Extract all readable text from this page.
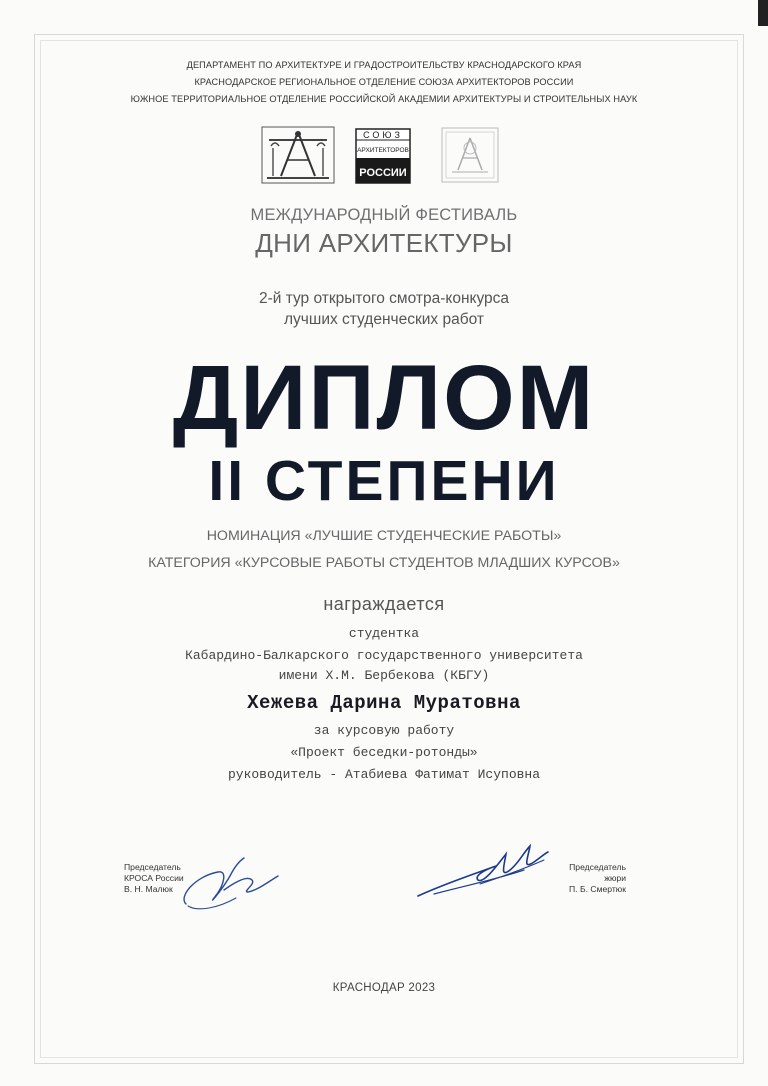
ДЕПАРТАМЕНТ ПО АРХИТЕКТУРЕ И ГРАДОСТРОИТЕЛЬСТВУ КРАСНОДАРСКОГО КРАЯ
КРАСНОДАРСКОЕ РЕГИОНАЛЬНОЕ ОТДЕЛЕНИЕ СОЮЗА АРХИТЕКТОРОВ РОССИИ
ЮЖНОЕ ТЕРРИТОРИАЛЬНОЕ ОТДЕЛЕНИЕ РОССИЙСКОЙ АКАДЕМИИ АРХИТЕКТУРЫ И СТРОИТЕЛЬНЫХ НАУК
СОЮЗ
АРХИТЕКТОРОВ
РОССИИ
МЕЖДУНАРОДНЫЙ ФЕСТИВАЛЬ
ДНИ АРХИТЕКТУРЫ
2-й тур открытого смотра-конкурса
лучших студенческих работ
ДИПЛОМ
II СТЕПЕНИ
НОМИНАЦИЯ «ЛУЧШИЕ СТУДЕНЧЕСКИЕ РАБОТЫ»
КАТЕГОРИЯ «КУРСОВЫЕ РАБОТЫ СТУДЕНТОВ МЛАДШИХ КУРСОВ»
награждается
студентка
Кабардино-Балкарского государственного университета
имени Х.М. Бербекова (КБГУ)
Хежева Дарина Муратовна
за курсовую работу
«Проект беседки-ротонды»
руководитель - Атабиева Фатимат Исуповна
Председатель
КРОСА России
В. Н. Малюк
Председатель
жюри
П. Б. Смертюк
КРАСНОДАР 2023
